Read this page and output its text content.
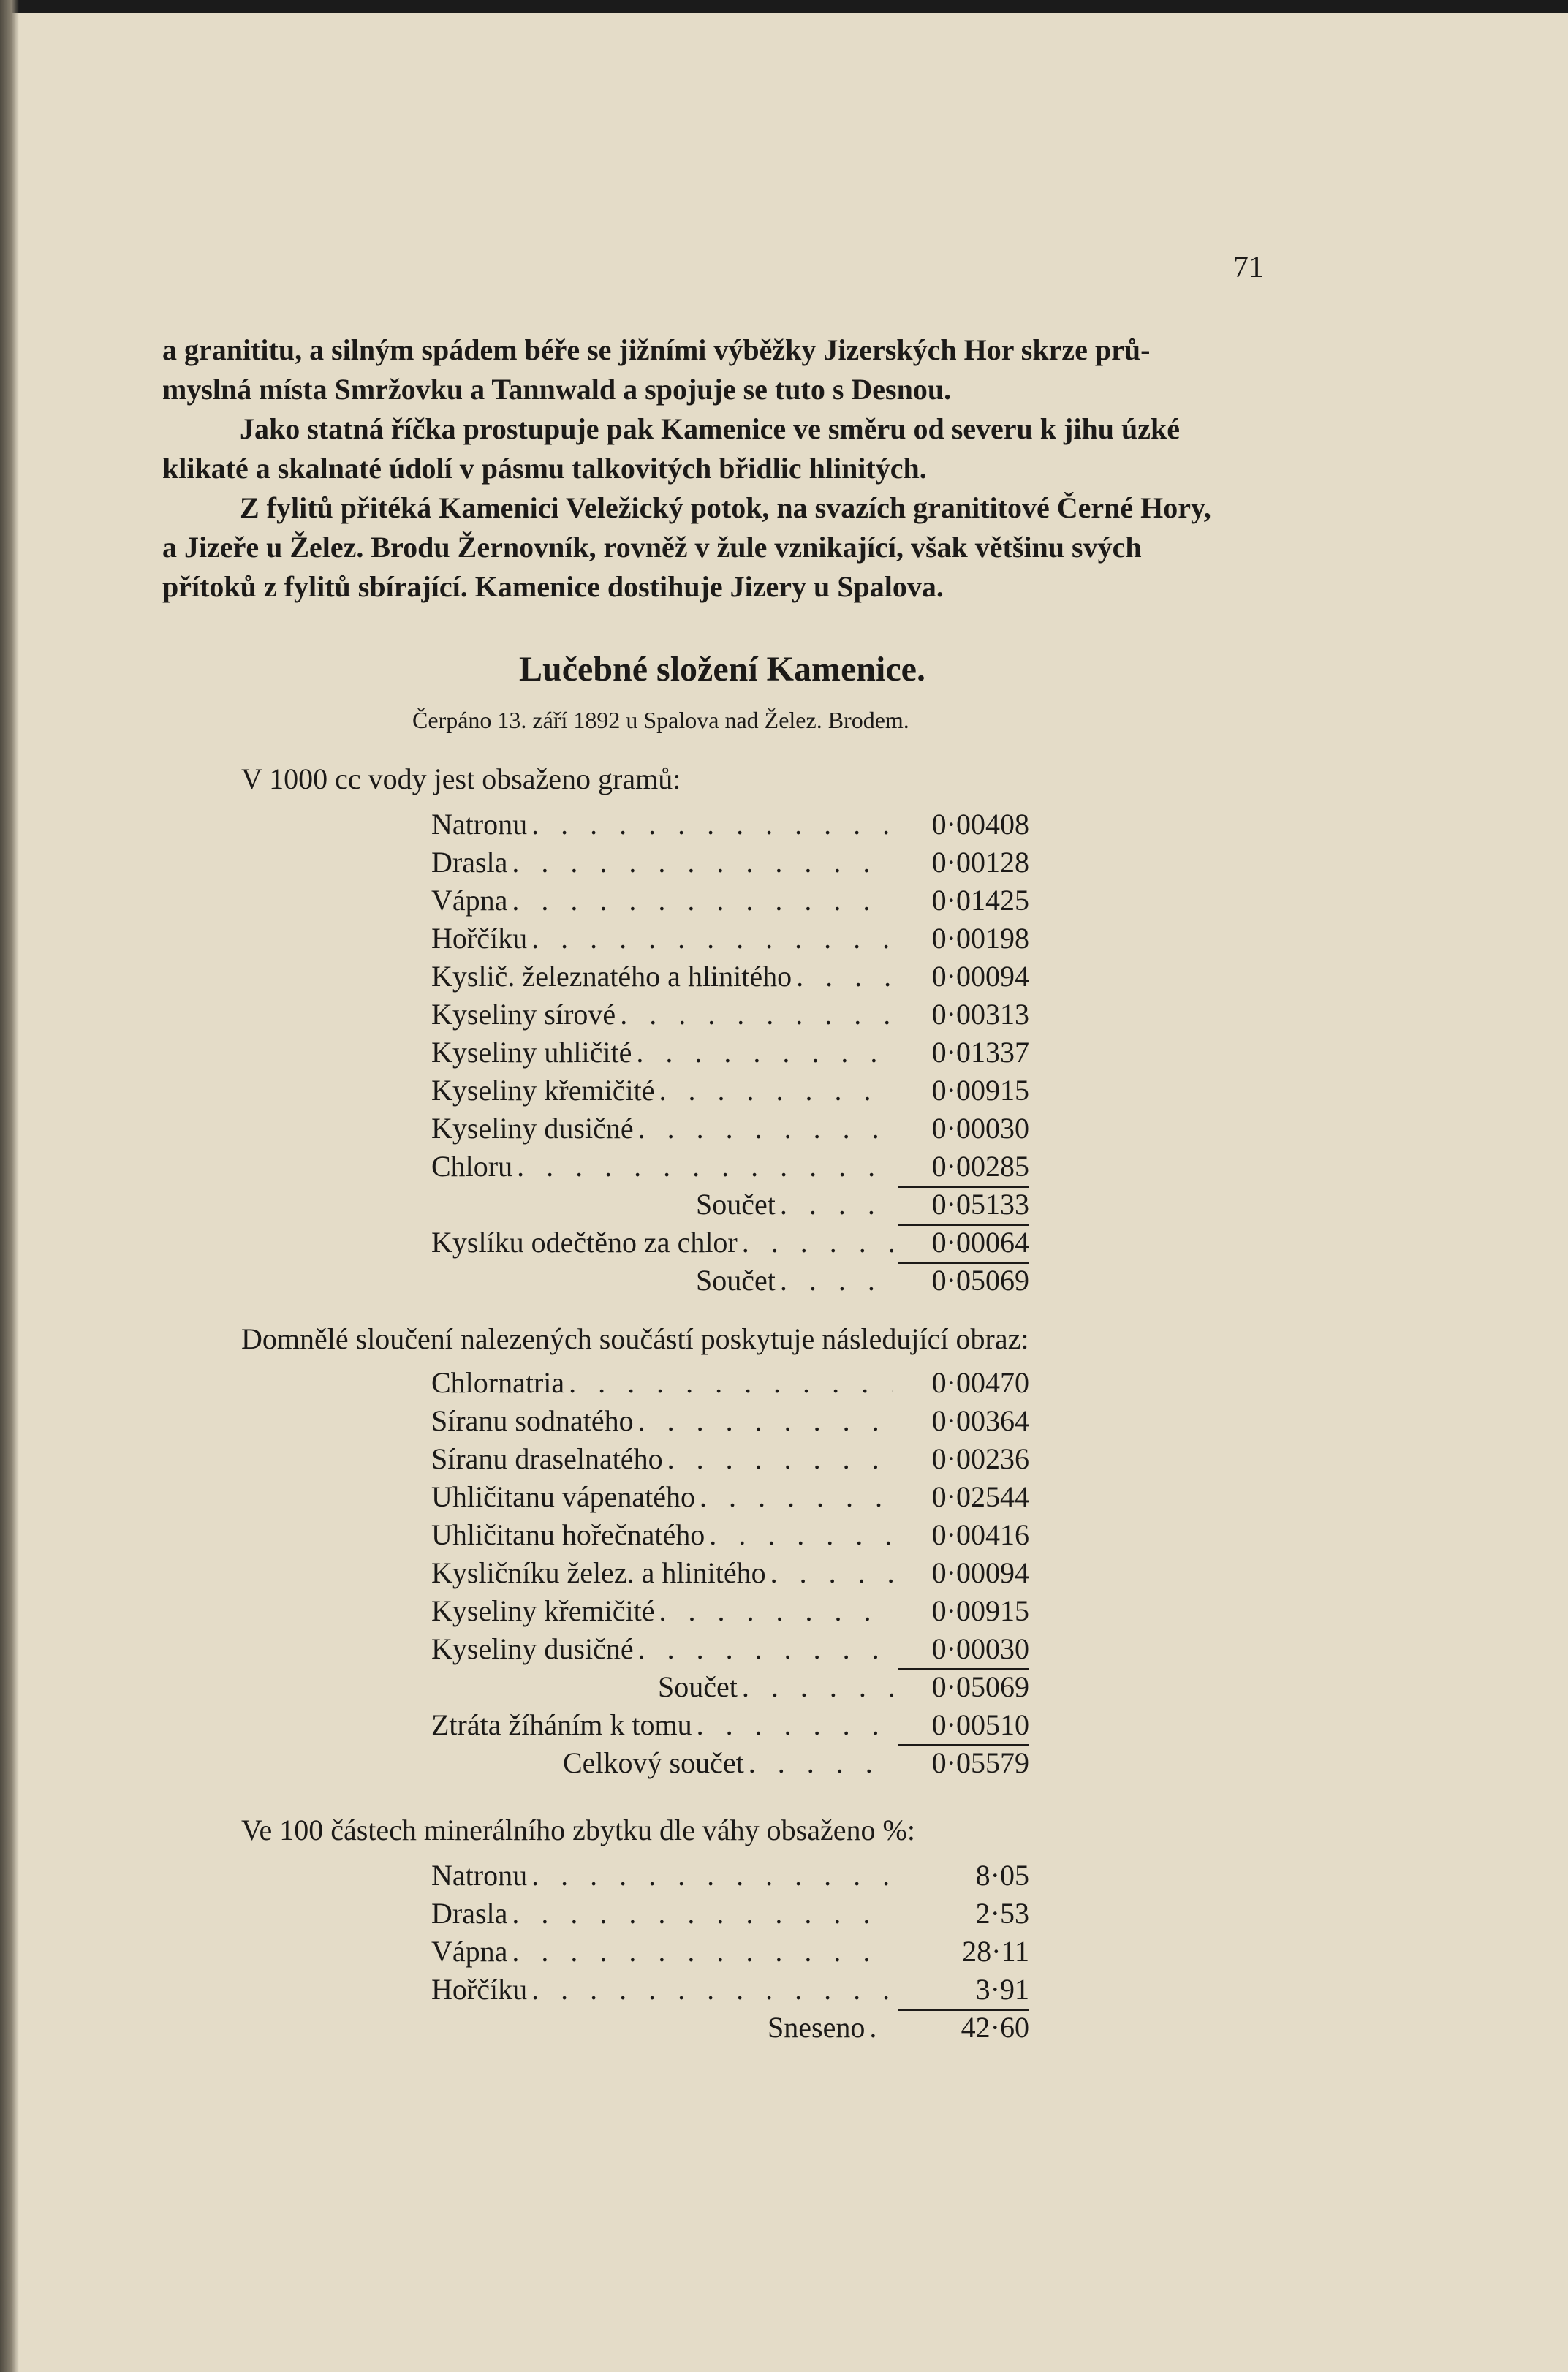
71
a granititu, a silným spádem béře se jižními výběžky Jizerských Hor skrze prů-
myslná místa Smržovku a Tannwald a spojuje se tuto s Desnou.
Jako statná říčka prostupuje pak Kamenice ve směru od severu k jihu úzké
klikaté a skalnaté údolí v pásmu talkovitých břidlic hlinitých.
Z fylitů přitéká Kamenici Veležický potok, na svazích granititové Černé Hory,
a Jizeře u Želez. Brodu Žernovník, rovněž v žule vznikající, však většinu svých
přítoků z fylitů sbírající. Kamenice dostihuje Jizery u Spalova.
Lučebné složení Kamenice.
Čerpáno 13. září 1892 u Spalova nad Želez. Brodem.
V 1000 cc vody jest obsaženo gramů:
Natronu . . .	0·00408
Drasla . . .	0·00128
Vápna . . .	0·01425
Hořčíku . . .	0·00198
Kyslič. železnatého a hlinitého . . .	0·00094
Kyseliny sírové . . .	0·00313
Kyseliny uhličité . . .	0·01337
Kyseliny křemičité . . .	0·00915
Kyseliny dusičné . . .	0·00030
Chloru . . .	0·00285
Součet . . .	0·05133
Kyslíku odečtěno za chlor . . .	0·00064
Součet . . .	0·05069
Domnělé sloučení nalezených součástí poskytuje následující obraz:
Chlornatria . . .	0·00470
Síranu sodnatého . . .	0·00364
Síranu draselnatého . . .	0·00236
Uhličitanu vápenatého . . .	0·02544
Uhličitanu hořečnatého . . .	0·00416
Kysličníku želez. a hlinitého . . .	0·00094
Kyseliny křemičité . . .	0·00915
Kyseliny dusičné . . .	0·00030
Součet . . .	0·05069
Ztráta žíháním k tomu . . .	0·00510
Celkový součet . . .	0·05579
Ve 100 částech minerálního zbytku dle váhy obsaženo %:
Natronu . . .	8·05
Drasla . . .	2·53
Vápna . . .	28·11
Hořčíku . . .	3·91
Sneseno . . .	42·60
